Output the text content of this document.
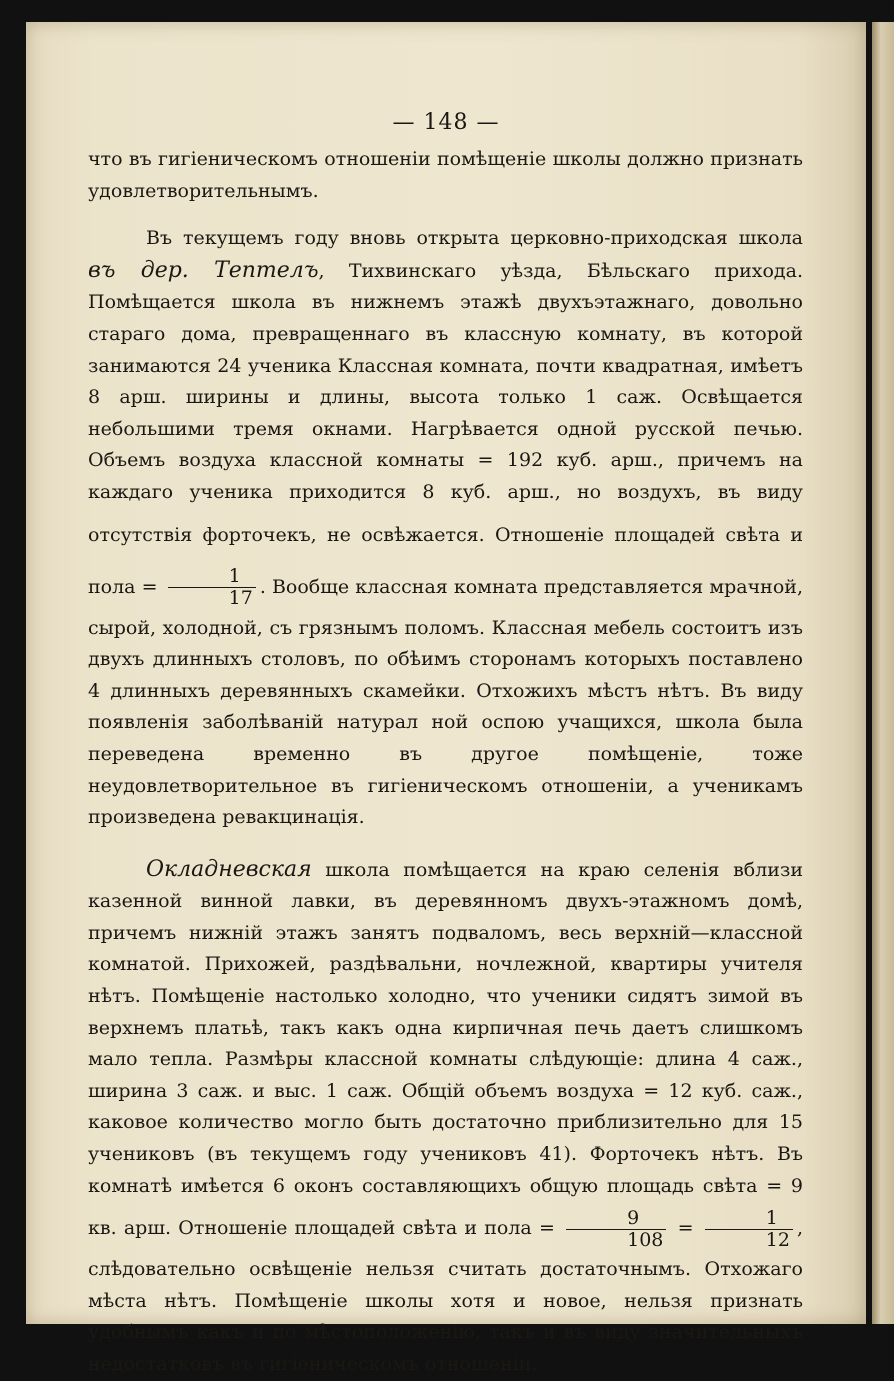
— 148 —

что въ гигіеническомъ отношеніи помѣщеніе школы должно признать удовлетворительнымъ.

Въ текущемъ году вновь открыта церковно-приходская школа въ дер. Тептелъ, Тихвинскаго уѣзда, Бѣльскаго прихода. Помѣщается школа въ нижнемъ этажѣ двухъэтажнаго, довольно стараго дома, превращеннаго въ классную комнату, въ которой занимаются 24 ученика Классная комната, почти квадратная, имѣетъ 8 арш. ширины и длины, высота только 1 саж. Освѣщается небольшими тремя окнами. Нагрѣвается одной русской печью. Объемъ воздуха классной комнаты = 192 куб. арш., причемъ на каждаго ученика приходится 8 куб. арш., но воздухъ, въ виду отсутствія форточекъ, не освѣжается. Отношеніе площадей свѣта и пола = $\frac{1}{17}$ . Вообще классная комната представляется мрачной, сырой, холодной, съ грязнымъ поломъ. Классная мебель состоитъ изъ двухъ длинныхъ столовъ, по обѣимъ сторонамъ которыхъ поставлено 4 длинныхъ деревянныхъ скамейки. Отхожихъ мѣстъ нѣтъ. Въ виду появленія заболѣваній натурал ной оспою учащихся, школа была переведена временно въ другое помѣщеніе, тоже неудовлетворительное въ гигіеническомъ отношеніи, а ученикамъ произведена ревакцинація.

Окладневская школа помѣщается на краю селенія вблизи казенной винной лавки, въ деревянномъ двухъ-этажномъ домѣ, причемъ нижній этажъ занятъ подваломъ, весь верхній—классной комнатой. Прихожей, раздѣвальни, ночлежной, квартиры учителя нѣтъ. Помѣщеніе настолько холодно, что ученики сидятъ зимой въ верхнемъ платьѣ, такъ какъ одна кирпичная печь даетъ слишкомъ мало тепла. Размѣры классной комнаты слѣдующіе: длина 4 саж., ширина 3 саж. и выс. 1 саж. Общій объемъ воздуха = 12 куб. саж., каковое количество могло быть достаточно приблизительно для 15 учениковъ (въ текущемъ году учениковъ 41). Форточекъ нѣтъ. Въ комнатѣ имѣется 6 оконъ составляющихъ общую площадь свѣта = 9 кв. арш. Отношеніе площадей свѣта и пола = $\frac{9}{108} = \frac{1}{12}$ , слѣдовательно освѣщеніе нельзя считать достаточнымъ. Отхожаго мѣста нѣтъ. Помѣщеніе школы хотя и новое, нельзя признать удобнымъ какъ и по мѣстоположенію, такъ и въ виду значительныхъ недостатковъ въ гигіеническомъ отношеніи.
